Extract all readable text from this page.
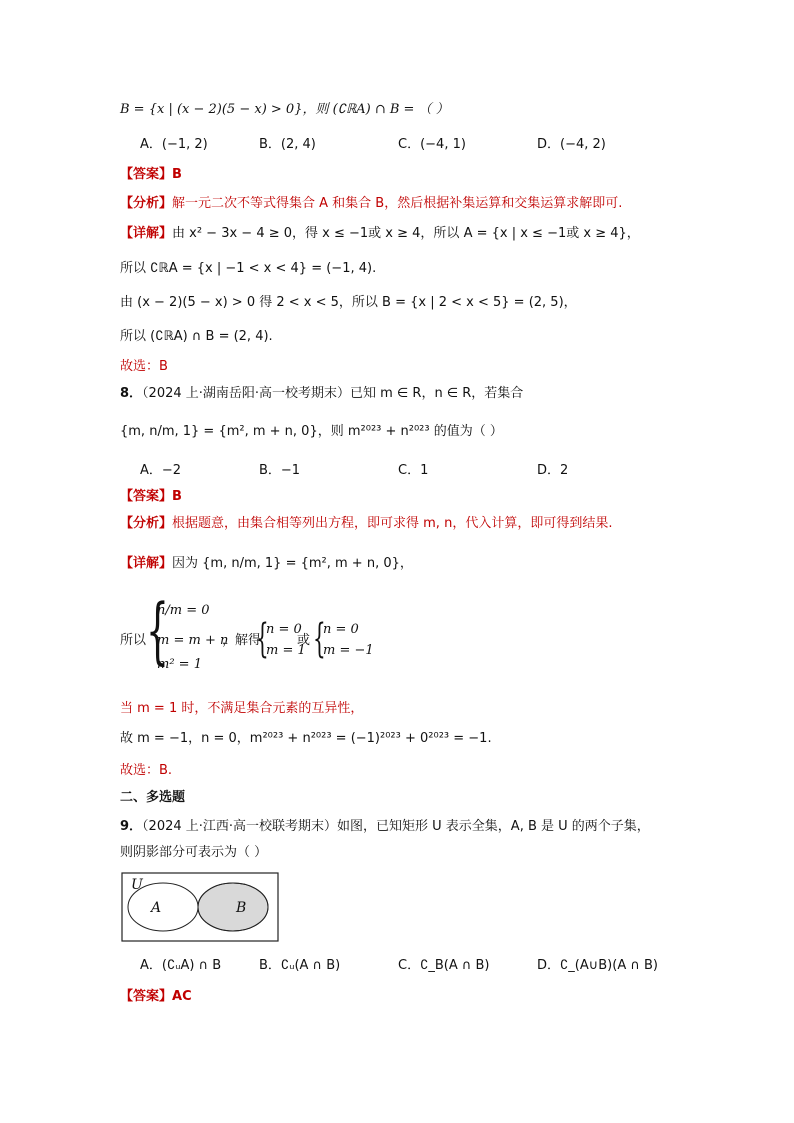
B = {x | (x − 2)(5 − x) > 0}，则 (∁ℝA) ∩ B = （ ）
A．(−1, 2)	B．(2, 4)	C．(−4, 1)	D．(−4, 2)
【答案】B
【分析】解一元二次不等式得集合 A 和集合 B，然后根据补集运算和交集运算求解即可.
【详解】由 x² − 3x − 4 ≥ 0，得 x ≤ −1或 x ≥ 4，所以 A = {x | x ≤ −1或 x ≥ 4}，
所以 ∁ℝA = {x | −1 < x < 4} = (−1, 4).
由 (x − 2)(5 − x) > 0 得 2 < x < 5，所以 B = {x | 2 < x < 5} = (2, 5)，
所以 (∁ℝA) ∩ B = (2, 4).
故选：B
8．（2024 上·湖南岳阳·高一校考期末）已知 m ∈ R，n ∈ R，若集合
{m, n/m, 1} = {m², m + n, 0}，则 m²⁰²³ + n²⁰²³ 的值为（ ）
A．−2	B．−1	C．1	D．2
【答案】B
【分析】根据题意，由集合相等列出方程，即可求得 m, n，代入计算，即可得到结果.
【详解】因为 {m, n/m, 1} = {m², m + n, 0}，
所以 {
n/m = 0
m = m + n
m² = 1
，解得
{
n = 0
m = 1
或 {
n = 0
m = −1
当 m = 1 时，不满足集合元素的互异性，
故 m = −1，n = 0，m²⁰²³ + n²⁰²³ = (−1)²⁰²³ + 0²⁰²³ = −1.
故选：B.
二、多选题
9．（2024 上·江西·高一校联考期末）如图，已知矩形 U 表示全集，A, B 是 U 的两个子集，
则阴影部分可表示为（ ）
U
A	B
A．(∁ᵤA) ∩ B	B．∁ᵤ(A ∩ B)	C．∁_B(A ∩ B)	D．∁_(A∪B)(A ∩ B)
【答案】AC
